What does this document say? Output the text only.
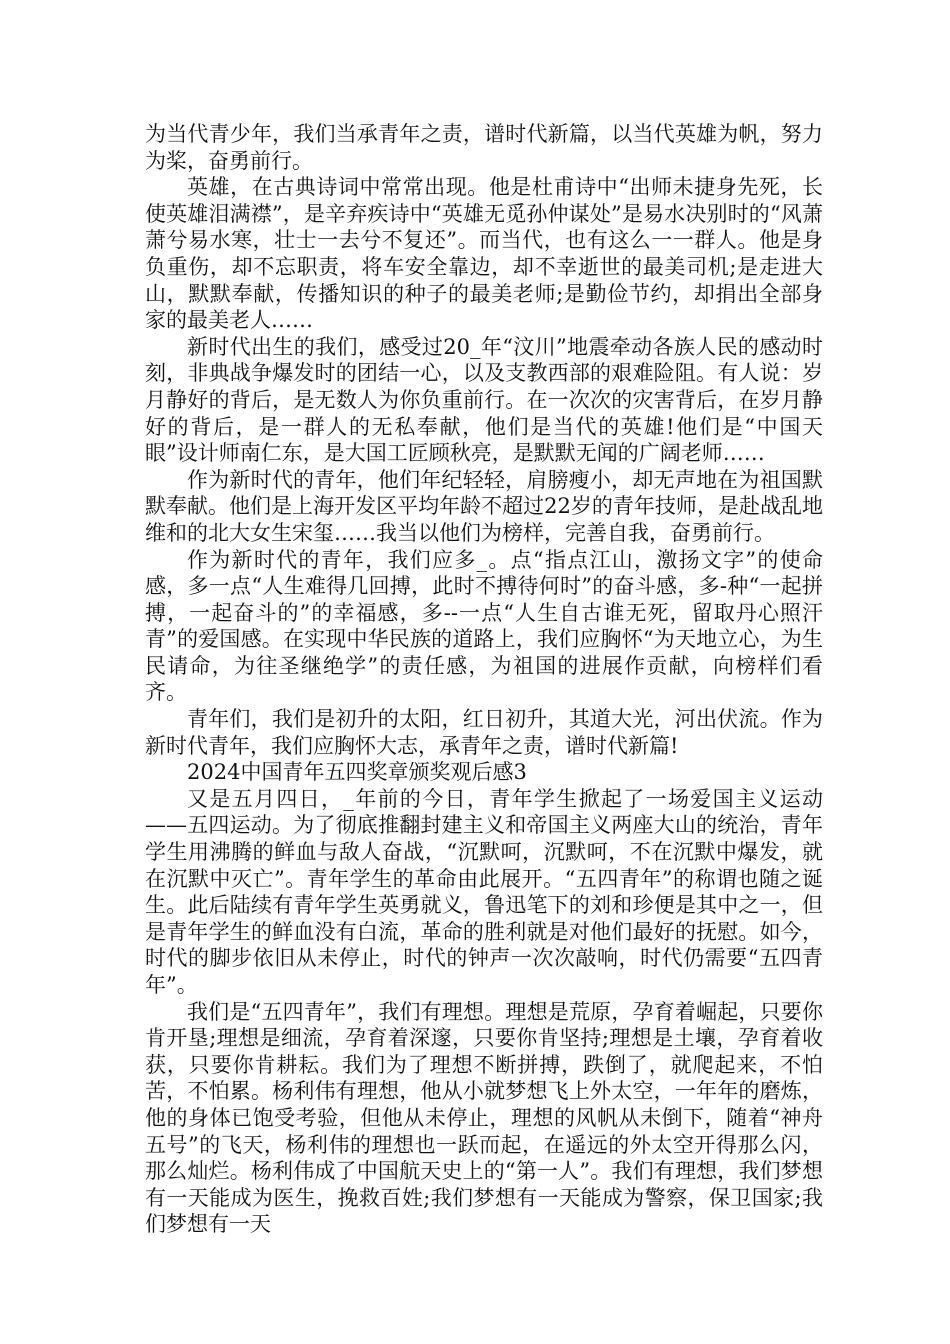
为当代青少年，我们当承青年之责，谱时代新篇，以当代英雄为帆，努力为桨，奋勇前行。

英雄，在古典诗词中常常出现。他是杜甫诗中“出师未捷身先死，长使英雄泪满襟”，是辛弃疾诗中“英雄无觅孙仲谋处”是易水决别时的“风萧萧兮易水寒，壮士一去兮不复还”。而当代，也有这么一一群人。他是身负重伤，却不忘职责，将车安全靠边，却不幸逝世的最美司机;是走进大山，默默奉献，传播知识的种子的最美老师;是勤俭节约，却捐出全部身家的最美老人……

新时代出生的我们，感受过20_年“汶川”地震牵动各族人民的感动时刻，非典战争爆发时的团结一心，以及支教西部的艰难险阻。有人说：岁月静好的背后，是无数人为你负重前行。在一次次的灾害背后，在岁月静好的背后，是一群人的无私奉献，他们是当代的英雄!他们是“中国天眼”设计师南仁东，是大国工匠顾秋亮，是默默无闻的广阔老师……

作为新时代的青年，他们年纪轻轻，肩膀瘦小，却无声地在为祖国默默奉献。他们是上海开发区平均年龄不超过22岁的青年技师，是赴战乱地维和的北大女生宋玺……我当以他们为榜样，完善自我，奋勇前行。

作为新时代的青年，我们应多_。点“指点江山，激扬文字”的使命感，多一点“人生难得几回搏，此时不搏待何时”的奋斗感，多-种“一起拼搏，一起奋斗的”的幸福感，多--一点“人生自古谁无死，留取丹心照汗青”的爱国感。在实现中华民族的道路上，我们应胸怀“为天地立心，为生民请命，为往圣继绝学”的责任感，为祖国的进展作贡献，向榜样们看齐。

青年们，我们是初升的太阳，红日初升，其道大光，河出伏流。作为新时代青年，我们应胸怀大志，承青年之责，谱时代新篇!

2024中国青年五四奖章颁奖观后感3

又是五月四日，_年前的今日，青年学生掀起了一场爱国主义运动——五四运动。为了彻底推翻封建主义和帝国主义两座大山的统治，青年学生用沸腾的鲜血与敌人奋战，“沉默呵，沉默呵，不在沉默中爆发，就在沉默中灭亡”。青年学生的革命由此展开。“五四青年”的称谓也随之诞生。此后陆续有青年学生英勇就义，鲁迅笔下的刘和珍便是其中之一，但是青年学生的鲜血没有白流，革命的胜利就是对他们最好的抚慰。如今，时代的脚步依旧从未停止，时代的钟声一次次敲响，时代仍需要“五四青年”。

我们是“五四青年”，我们有理想。理想是荒原，孕育着崛起，只要你肯开垦;理想是细流，孕育着深邃，只要你肯坚持;理想是土壤，孕育着收获，只要你肯耕耘。我们为了理想不断拼搏，跌倒了，就爬起来，不怕苦，不怕累。杨利伟有理想，他从小就梦想飞上外太空，一年年的磨炼，他的身体已饱受考验，但他从未停止，理想的风帆从未倒下，随着“神舟五号”的飞天，杨利伟的理想也一跃而起，在遥远的外太空开得那么闪，那么灿烂。杨利伟成了中国航天史上的“第一人”。我们有理想，我们梦想有一天能成为医生，挽救百姓;我们梦想有一天能成为警察，保卫国家;我们梦想有一天
